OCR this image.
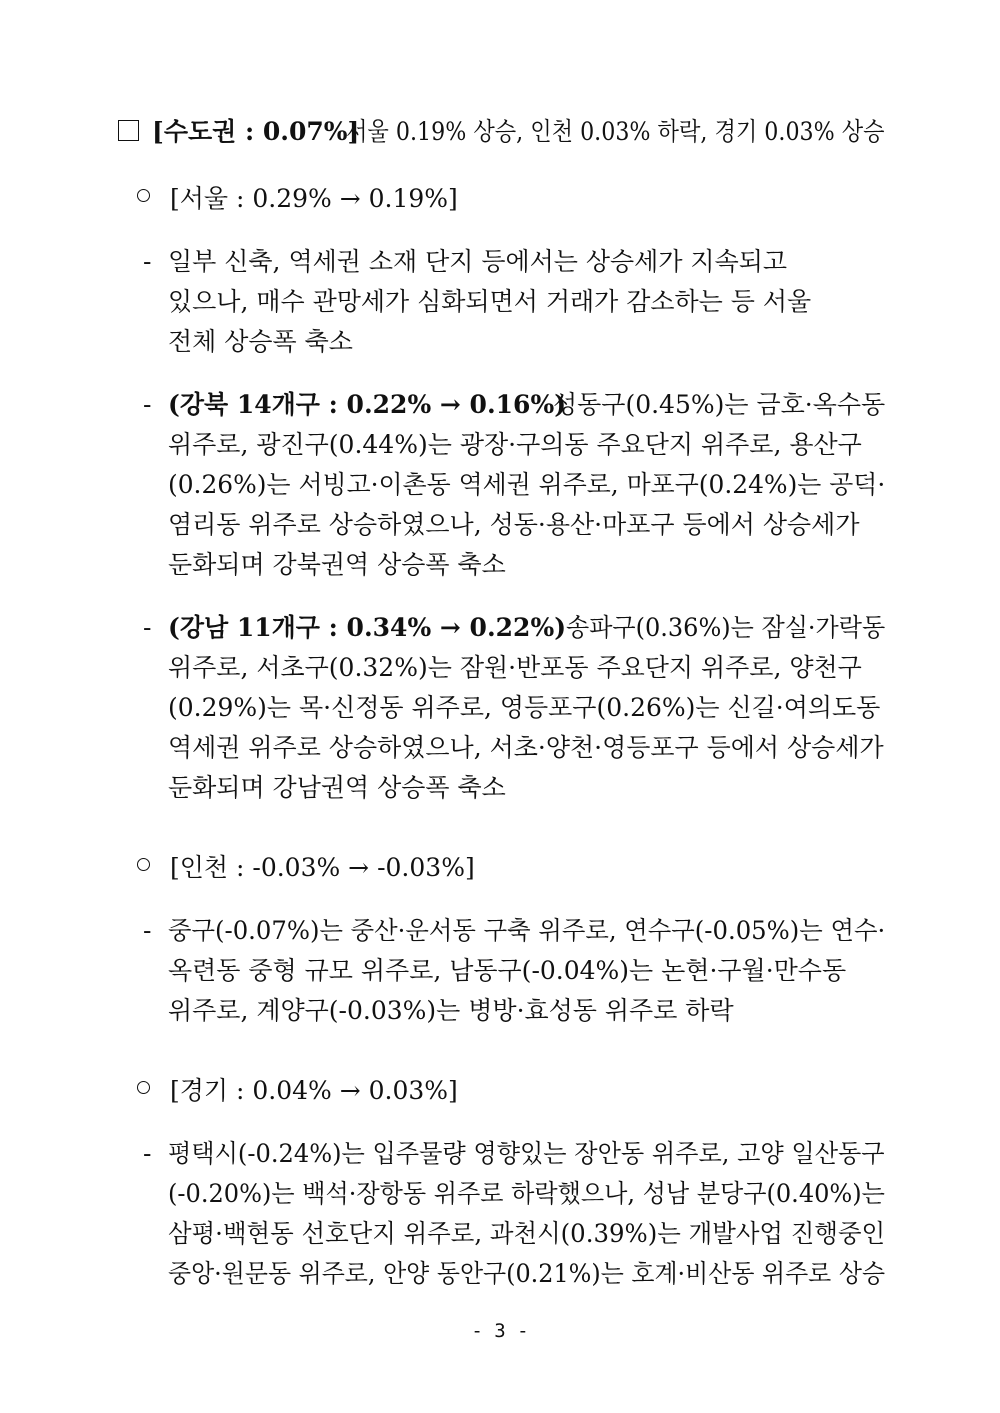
[수도권 : 0.07%]
서울 0.19% 상승, 인천 0.03% 하락, 경기 0.03% 상승
[서울 : 0.29% → 0.19%]
- 일부 신축, 역세권 소재 단지 등에서는 상승세가 지속되고
있으나, 매수 관망세가 심화되면서 거래가 감소하는 등 서울
전체 상승폭 축소
- (강북 14개구 : 0.22% → 0.16%)
성동구(0.45%)는 금호·옥수동
위주로, 광진구(0.44%)는 광장·구의동 주요단지 위주로, 용산구
(0.26%)는 서빙고·이촌동 역세권 위주로, 마포구(0.24%)는 공덕·
염리동 위주로 상승하였으나, 성동·용산·마포구 등에서 상승세가
둔화되며 강북권역 상승폭 축소
- (강남 11개구 : 0.34% → 0.22%) 송파구(0.36%)는 잠실·가락동
위주로, 서초구(0.32%)는 잠원·반포동 주요단지 위주로, 양천구
(0.29%)는 목·신정동 위주로, 영등포구(0.26%)는 신길·여의도동
역세권 위주로 상승하였으나, 서초·양천·영등포구 등에서 상승세가
둔화되며 강남권역 상승폭 축소
[인천 : -0.03% → -0.03%]
- 중구(-0.07%)는 중산·운서동 구축 위주로, 연수구(-0.05%)는 연수·
옥련동 중형 규모 위주로, 남동구(-0.04%)는 논현·구월·만수동
위주로, 계양구(-0.03%)는 병방·효성동 위주로 하락
[경기 : 0.04% → 0.03%]
- 평택시(-0.24%)는 입주물량 영향있는 장안동 위주로, 고양 일산동구
(-0.20%)는 백석·장항동 위주로 하락했으나, 성남 분당구(0.40%)는
삼평·백현동 선호단지 위주로, 과천시(0.39%)는 개발사업 진행중인
중앙·원문동 위주로, 안양 동안구(0.21%)는 호계·비산동 위주로 상승
- 3 -
